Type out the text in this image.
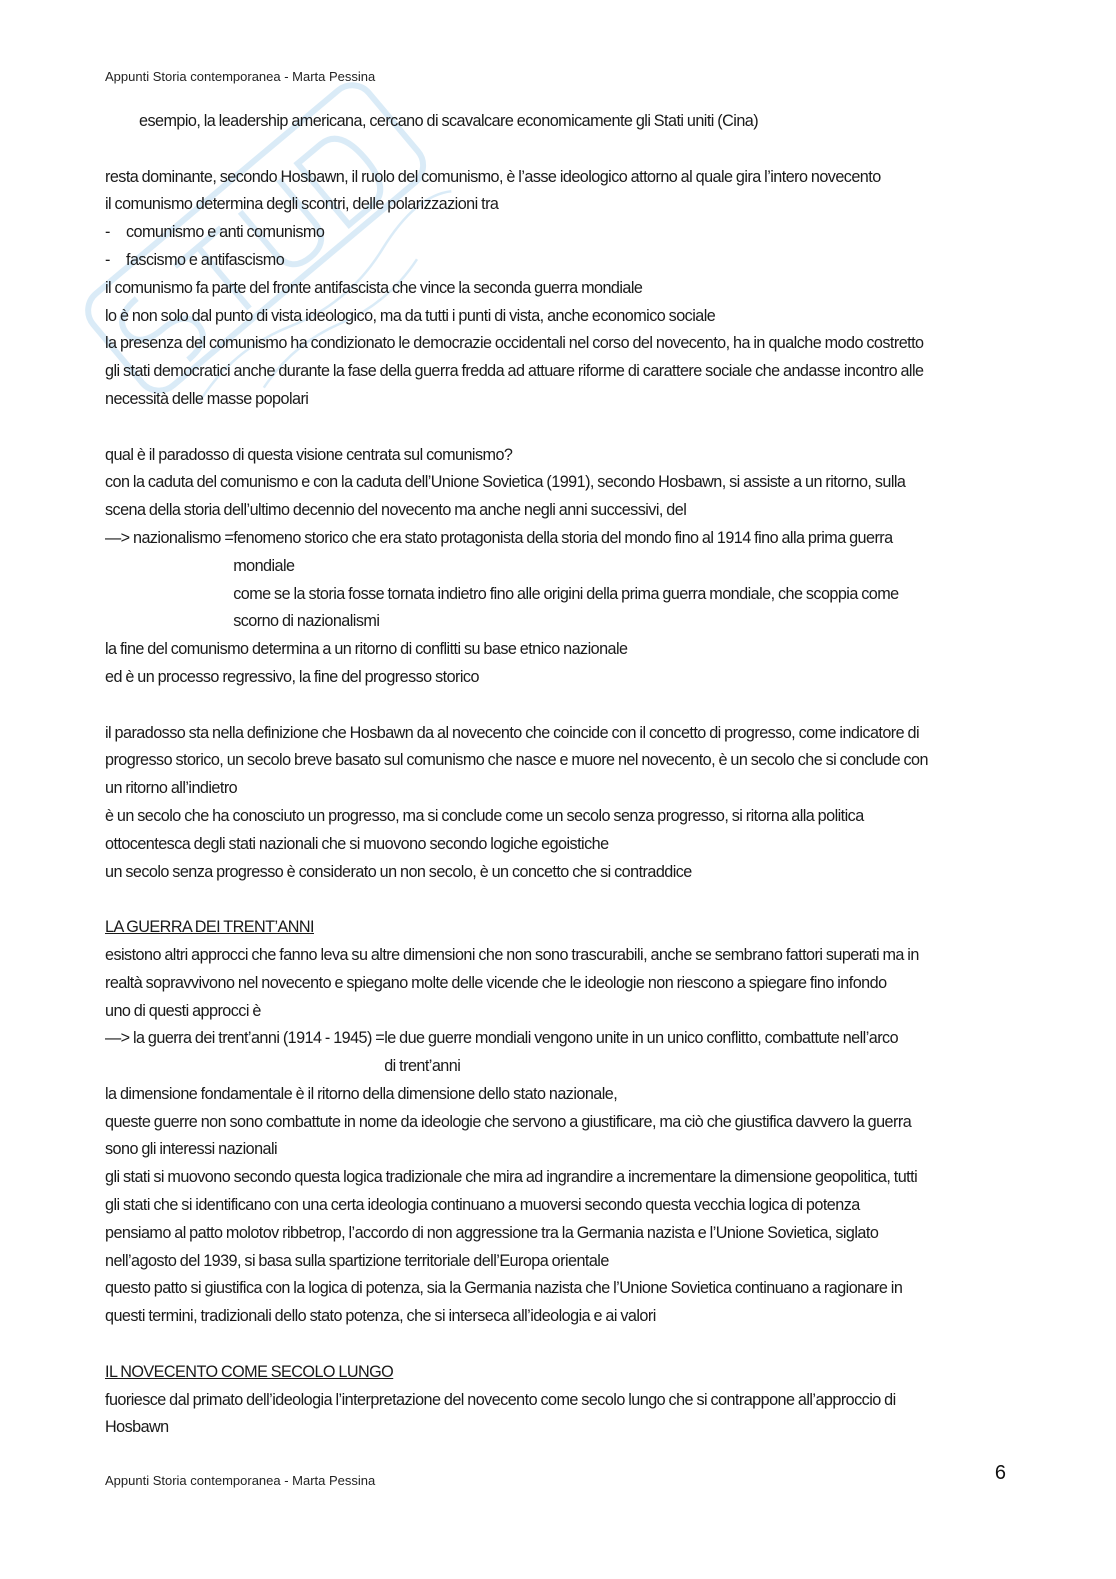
Appunti Storia contemporanea - Marta Pessina

esempio, la leadership americana, cercano di scavalcare economicamente gli Stati uniti (Cina)

resta dominante, secondo Hosbawn, il ruolo del comunismo, è l’asse ideologico attorno al quale gira l’intero novecento

il comunismo determina degli scontri, delle polarizzazioni tra

- comunismo e anti comunismo

- fascismo e antifascismo

il comunismo fa parte del fronte antifascista che vince la seconda guerra mondiale

lo è non solo dal punto di vista ideologico, ma da tutti i punti di vista, anche economico sociale

la presenza del comunismo ha condizionato le democrazie occidentali nel corso del novecento, ha in qualche modo costretto

gli stati democratici anche durante la fase della guerra fredda ad attuare riforme di carattere sociale che andasse incontro alle

necessità delle masse popolari

qual è il paradosso di questa visione centrata sul comunismo?

con la caduta del comunismo e con la caduta dell’Unione Sovietica (1991), secondo Hosbawn, si assiste a un ritorno, sulla

scena della storia dell’ultimo decennio del novecento ma anche negli anni successivi, del

—> nazionalismo = fenomeno storico che era stato protagonista della storia del mondo fino al 1914 fino alla prima guerra

mondiale

come se la storia fosse tornata indietro fino alle origini della prima guerra mondiale, che scoppia come

scorno di nazionalismi

la fine del comunismo determina a un ritorno di conflitti su base etnico nazionale

ed è un processo regressivo, la fine del progresso storico

il paradosso sta nella definizione che Hosbawn da al novecento che coincide con il concetto di progresso, come indicatore di

progresso storico, un secolo breve basato sul comunismo che nasce e muore nel novecento, è un secolo che si conclude con

un ritorno all’indietro

è un secolo che ha conosciuto un progresso, ma si conclude come un secolo senza progresso, si ritorna alla politica

ottocentesca degli stati nazionali che si muovono secondo logiche egoistiche

un secolo senza progresso è considerato un non secolo, è un concetto che si contraddice

LA GUERRA DEI TRENT’ANNI

esistono altri approcci che fanno leva su altre dimensioni che non sono trascurabili, anche se sembrano fattori superati ma in

realtà sopravvivono nel novecento e spiegano molte delle vicende che le ideologie non riescono a spiegare fino infondo

uno di questi approcci è

—> la guerra dei trent’anni (1914 - 1945) = le due guerre mondiali vengono unite in un unico conflitto, combattute nell’arco

di trent’anni

la dimensione fondamentale è il ritorno della dimensione dello stato nazionale,

queste guerre non sono combattute in nome da ideologie che servono a giustificare, ma ciò che giustifica davvero la guerra

sono gli interessi nazionali

gli stati si muovono secondo questa logica tradizionale che mira ad ingrandire a incrementare la dimensione geopolitica, tutti

gli stati che si identificano con una certa ideologia continuano a muoversi secondo questa vecchia logica di potenza

pensiamo al patto molotov ribbetrop, l’accordo di non aggressione tra la Germania nazista e l’Unione Sovietica, siglato

nell’agosto del 1939, si basa sulla spartizione territoriale dell’Europa orientale

questo patto si giustifica con la logica di potenza, sia la Germania nazista che l’Unione Sovietica continuano a ragionare in

questi termini, tradizionali dello stato potenza, che si interseca all’ideologia e ai valori

IL NOVECENTO COME SECOLO LUNGO

fuoriesce dal primato dell’ideologia l’interpretazione del novecento come secolo lungo che si contrappone all’approccio di

Hosbawn

Appunti Storia contemporanea - Marta Pessina	6
